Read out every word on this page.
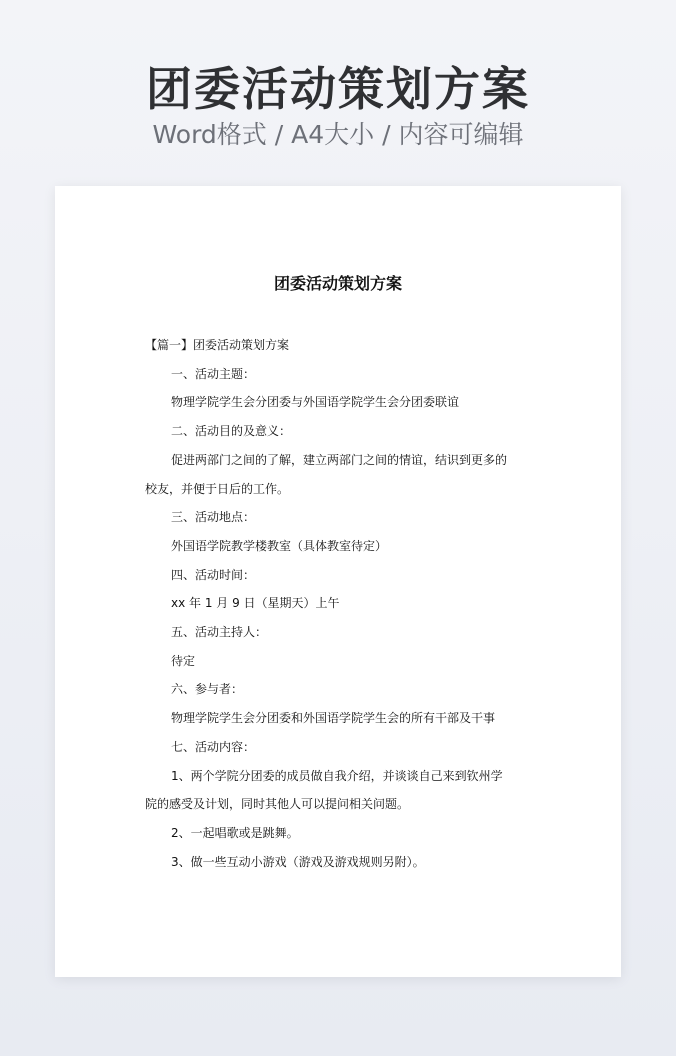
团委活动策划方案
Word格式 / A4大小 / 内容可编辑
团委活动策划方案
【篇一】团委活动策划方案
一、活动主题：
物理学院学生会分团委与外国语学院学生会分团委联谊
二、活动目的及意义：
促进两部门之间的了解，建立两部门之间的情谊，结识到更多的
校友，并便于日后的工作。
三、活动地点：
外国语学院教学楼教室（具体教室待定）
四、活动时间：
xx 年 1 月 9 日（星期天）上午
五、活动主持人：
待定
六、参与者：
物理学院学生会分团委和外国语学院学生会的所有干部及干事
七、活动内容：
1、两个学院分团委的成员做自我介绍，并谈谈自己来到钦州学
院的感受及计划，同时其他人可以提问相关问题。
2、一起唱歌或是跳舞。
3、做一些互动小游戏（游戏及游戏规则另附）。
